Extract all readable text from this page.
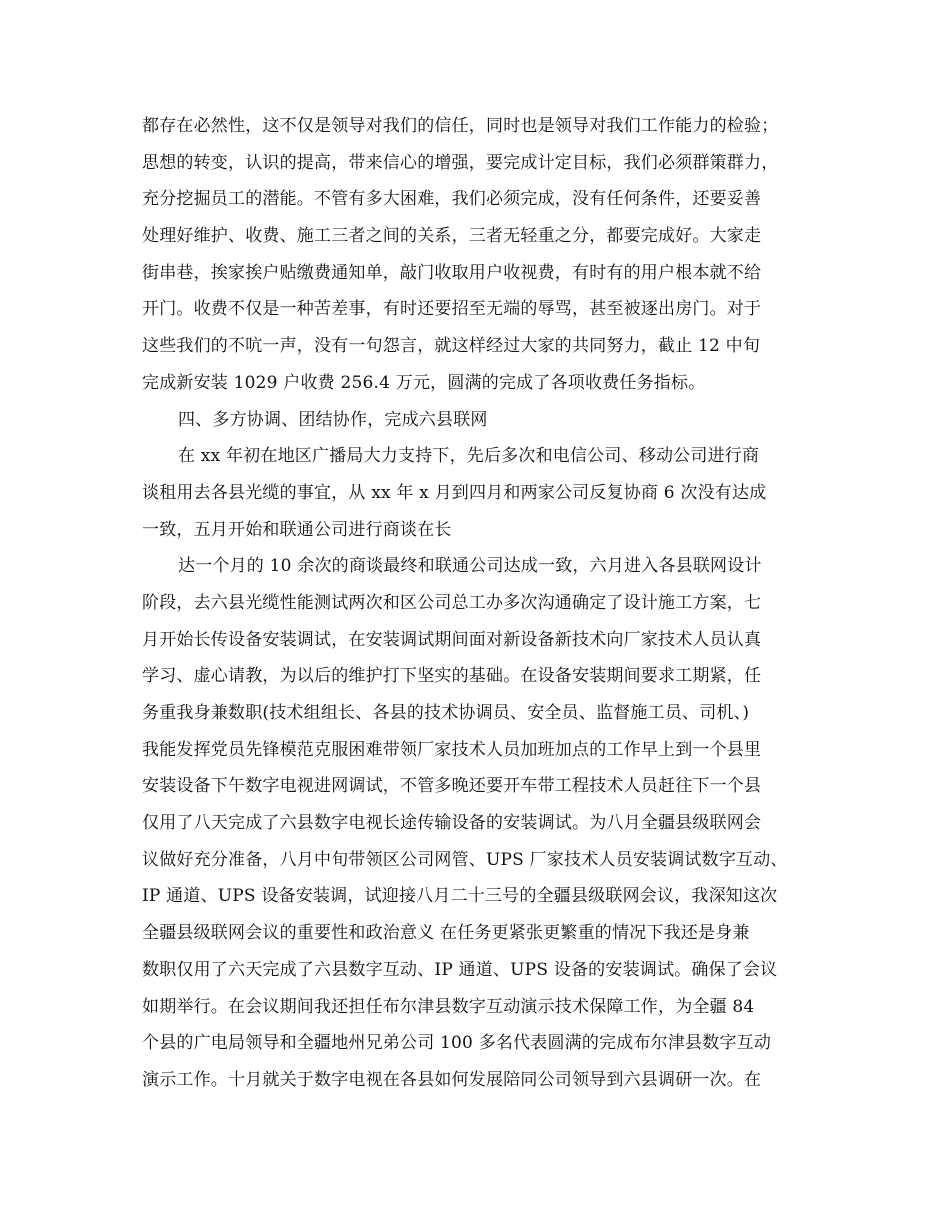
都存在必然性，这不仅是领导对我们的信任，同时也是领导对我们工作能力的检验；
思想的转变，认识的提高，带来信心的增强，要完成计定目标，我们必须群策群力，
充分挖掘员工的潜能。不管有多大困难，我们必须完成，没有任何条件，还要妥善
处理好维护、收费、施工三者之间的关系，三者无轻重之分，都要完成好。大家走
街串巷，挨家挨户贴缴费通知单，敲门收取用户收视费，有时有的用户根本就不给
开门。收费不仅是一种苦差事，有时还要招至无端的辱骂，甚至被逐出房门。对于
这些我们的不吭一声，没有一句怨言，就这样经过大家的共同努力，截止 12 中旬
完成新安装 1029 户收费 256.4 万元，圆满的完成了各项收费任务指标。
四、多方协调、团结协作，完成六县联网
在 xx 年初在地区广播局大力支持下，先后多次和电信公司、移动公司进行商
谈租用去各县光缆的事宜，从 xx 年 x 月到四月和两家公司反复协商 6 次没有达成
一致，五月开始和联通公司进行商谈在长
达一个月的 10 余次的商谈最终和联通公司达成一致，六月进入各县联网设计
阶段，去六县光缆性能测试两次和区公司总工办多次沟通确定了设计施工方案，七
月开始长传设备安装调试，在安装调试期间面对新设备新技术向厂家技术人员认真
学习、虚心请教，为以后的维护打下坚实的基础。在设备安装期间要求工期紧，任
务重我身兼数职(技术组组长、各县的技术协调员、安全员、监督施工员、司机、)
我能发挥党员先锋模范克服困难带领厂家技术人员加班加点的工作早上到一个县里
安装设备下午数字电视进网调试，不管多晚还要开车带工程技术人员赶往下一个县
仅用了八天完成了六县数字电视长途传输设备的安装调试。为八月全疆县级联网会
议做好充分准备，八月中旬带领区公司网管、UPS 厂家技术人员安装调试数字互动、
IP 通道、UPS 设备安装调，试迎接八月二十三号的全疆县级联网会议，我深知这次
全疆县级联网会议的重要性和政治意义 在任务更紧张更繁重的情况下我还是身兼
数职仅用了六天完成了六县数字互动、IP 通道、UPS 设备的安装调试。确保了会议
如期举行。在会议期间我还担任布尔津县数字互动演示技术保障工作，为全疆 84
个县的广电局领导和全疆地州兄弟公司 100 多名代表圆满的完成布尔津县数字互动
演示工作。十月就关于数字电视在各县如何发展陪同公司领导到六县调研一次。在
